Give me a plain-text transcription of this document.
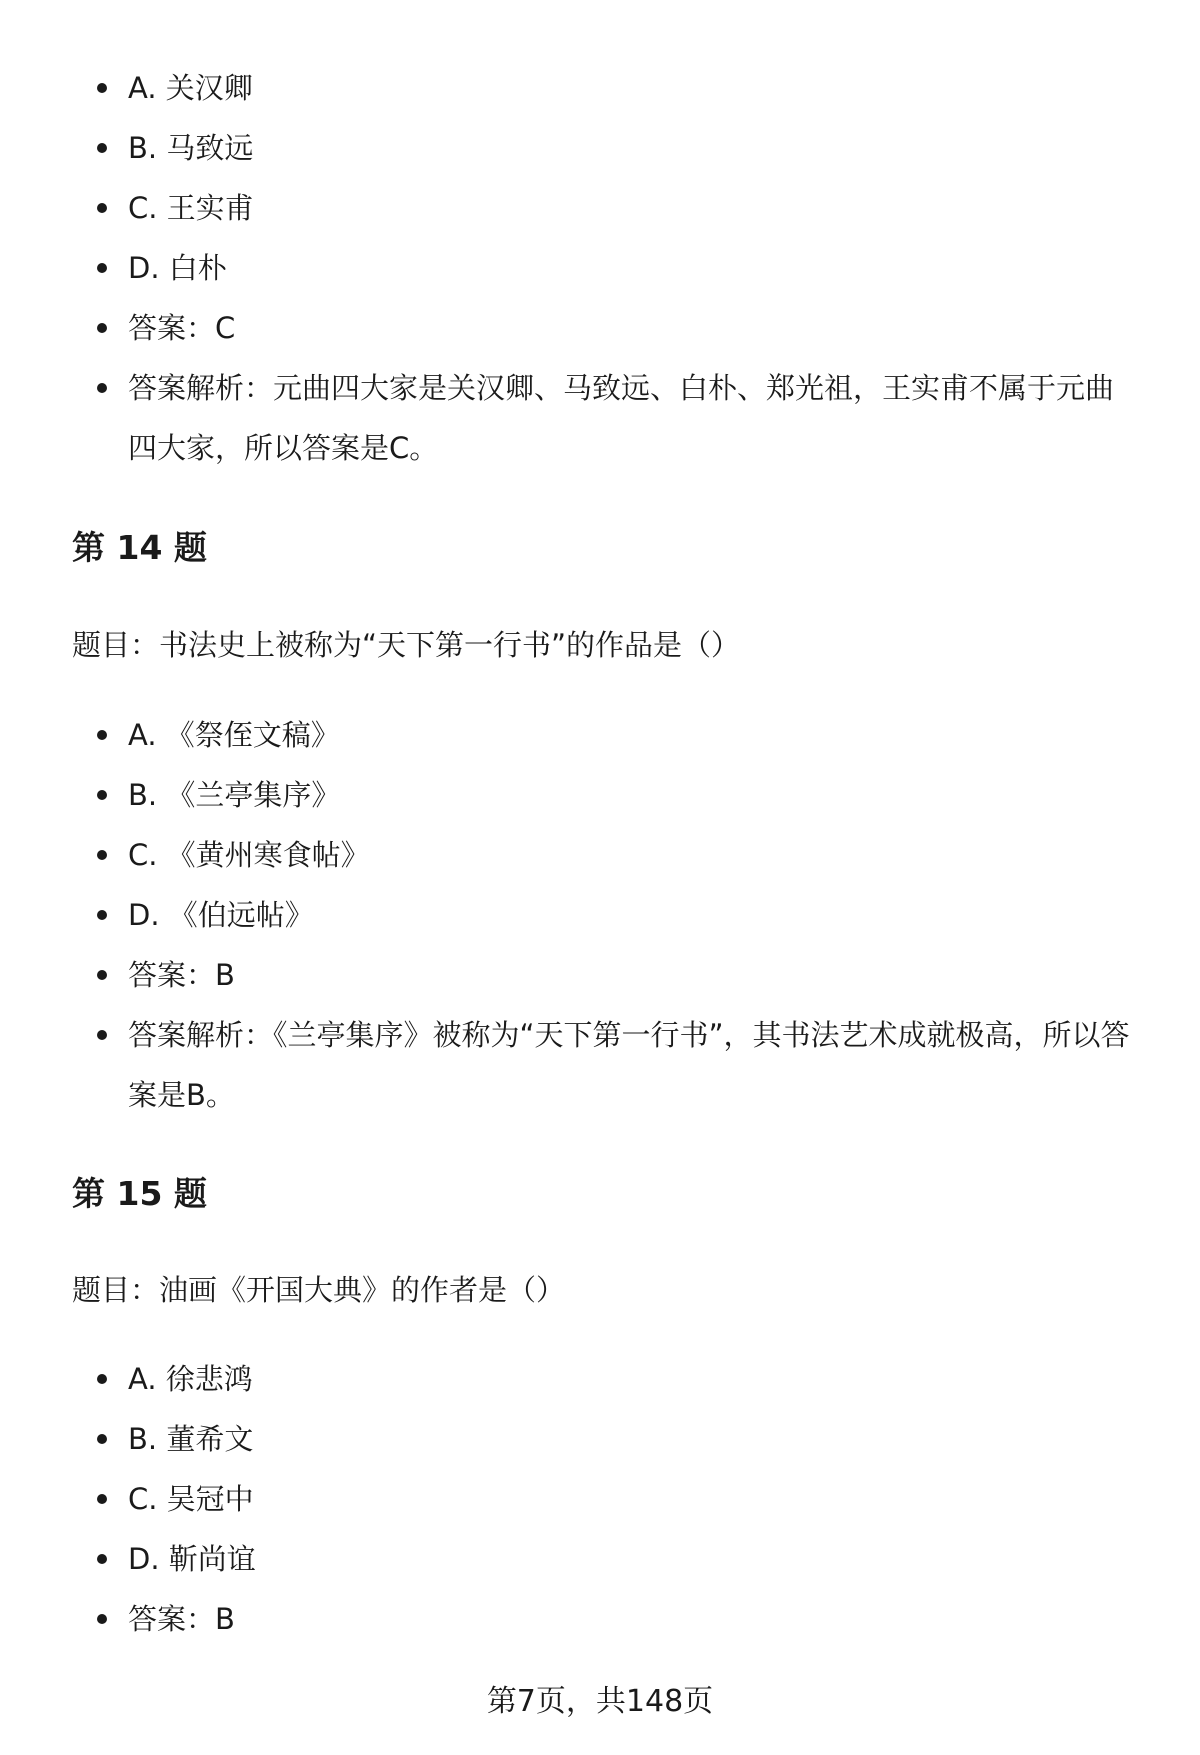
A. 关汉卿
B. 马致远
C. 王实甫
D. 白朴
答案：C
答案解析：元曲四大家是关汉卿、马致远、白朴、郑光祖，王实甫不属于元曲四大家，所以答案是C。
第 14 题
题目：书法史上被称为“天下第一行书”的作品是（）
A. 《祭侄文稿》
B. 《兰亭集序》
C. 《黄州寒食帖》
D. 《伯远帖》
答案：B
答案解析：《兰亭集序》被称为“天下第一行书”，其书法艺术成就极高，所以答案是B。
第 15 题
题目：油画《开国大典》的作者是（）
A. 徐悲鸿
B. 董希文
C. 吴冠中
D. 靳尚谊
答案：B
第7页，共148页
